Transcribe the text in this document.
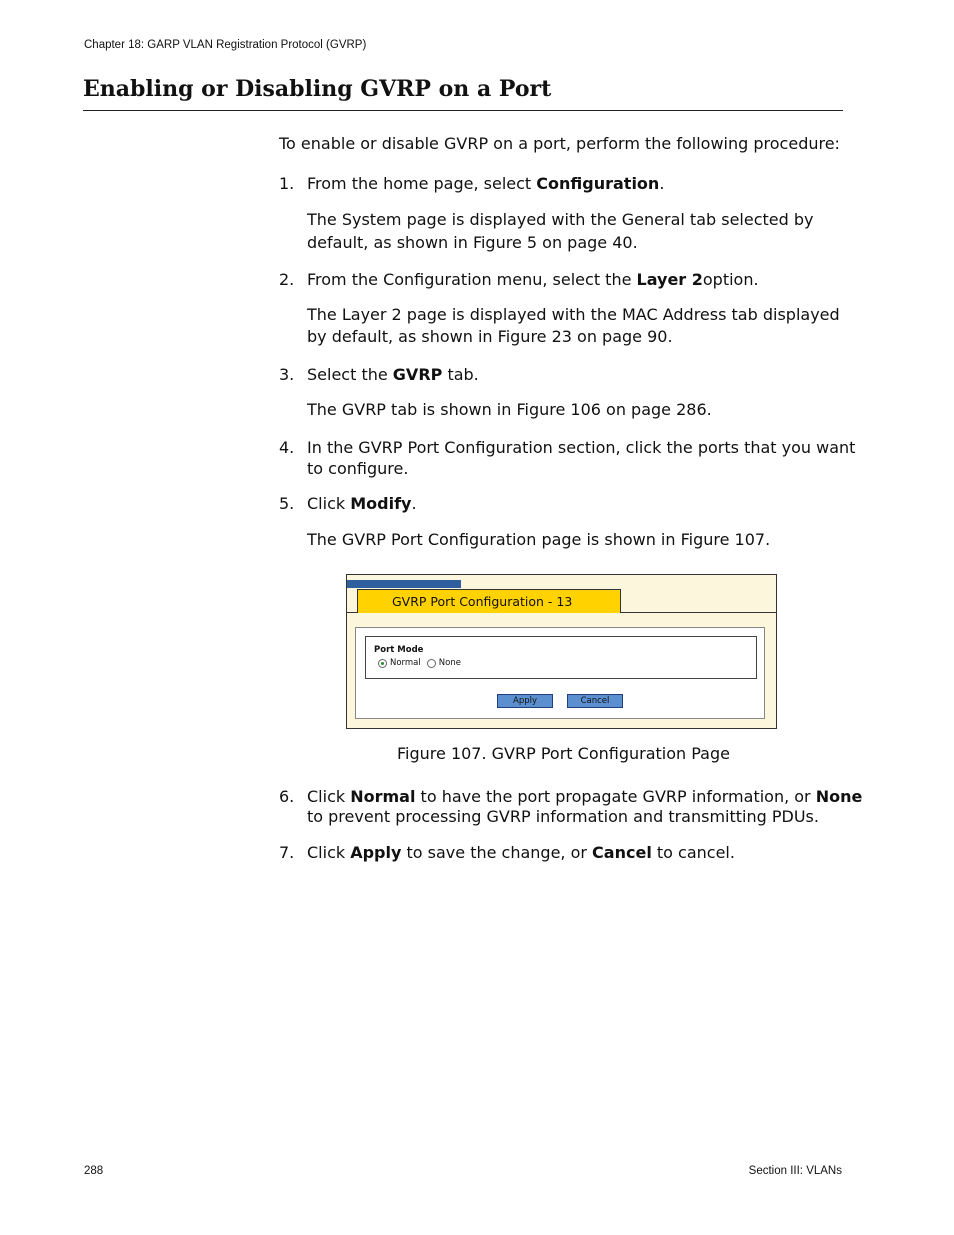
Chapter 18: GARP VLAN Registration Protocol (GVRP)
Enabling or Disabling GVRP on a Port

To enable or disable GVRP on a port, perform the following procedure:

1. From the home page, select Configuration.

The System page is displayed with the General tab selected by

default, as shown in Figure 5 on page 40.

2. From the Configuration menu, select the Layer 2option.

The Layer 2 page is displayed with the MAC Address tab displayed

by default, as shown in Figure 23 on page 90.

3. Select the GVRP tab.

The GVRP tab is shown in Figure 106 on page 286.

4. In the GVRP Port Configuration section, click the ports that you want

to configure.

5. Click Modify.

The GVRP Port Configuration page is shown in Figure 107.

GVRP Port Configuration - 13
Port Mode
Normal None
Apply	Cancel

Figure 107. GVRP Port Configuration Page

6. Click Normal to have the port propagate GVRP information, or None

to prevent processing GVRP information and transmitting PDUs.

7. Click Apply to save the change, or Cancel to cancel.

288	Section III: VLANs
